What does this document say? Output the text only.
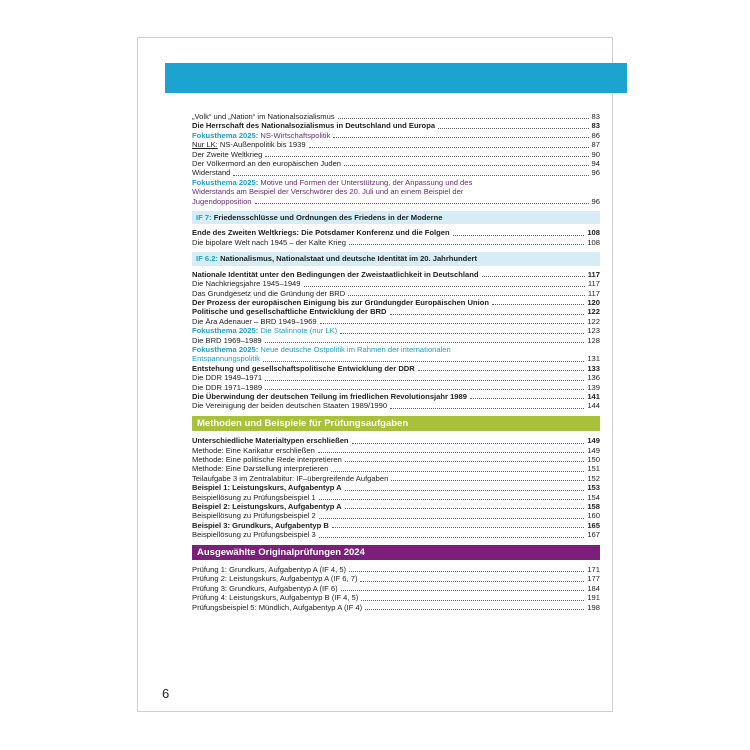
„Volk“ und „Nation“ im Nationalsozialismus	83
Die Herrschaft des Nationalsozialismus in Deutschland und Europa	83
Fokusthema 2025: NS-Wirtschaftspolitik	86
Nur LK: NS-Außenpolitik bis 1939	87
Der Zweite Weltkrieg	90
Der Völkermord an den europäischen Juden	94
Widerstand	96
Fokusthema 2025: Motive und Formen der Unterstützung, der Anpassung und des
Widerstands am Beispiel der Verschwörer des 20. Juli und an einem Beispiel der
Jugendopposition	96
IF 7: Friedensschlüsse und Ordnungen des Friedens in der Moderne
Ende des Zweiten Weltkriegs: Die Potsdamer Konferenz und die Folgen	108
Die bipolare Welt nach 1945 – der Kalte Krieg	108
IF 6.2: Nationalismus, Nationalstaat und deutsche Identität im 20. Jahrhundert
Nationale Identität unter den Bedingungen der Zweistaatlichkeit in Deutschland	117
Die Nachkriegsjahre 1945–1949	117
Das Grundgesetz und die Gründung der BRD	117
Der Prozess der europäischen Einigung bis zur Gründungder Europäischen Union	120
Politische und gesellschaftliche Entwicklung der BRD	122
Die Ära Adenauer – BRD 1949–1969	122
Fokusthema 2025: Die Stalinnote (nur LK)	123
Die BRD 1969–1989	128
Fokusthema 2025: Neue deutsche Ostpolitik im Rahmen der internationalen
Entspannungspolitik	131
Entstehung und gesellschaftspolitische Entwicklung der DDR	133
Die DDR 1949–1971	136
Die DDR 1971–1989	139
Die Überwindung der deutschen Teilung im friedlichen Revolutionsjahr 1989	141
Die Vereinigung der beiden deutschen Staaten 1989/1990	144
Methoden und Beispiele für Prüfungsaufgaben
Unterschiedliche Materialtypen erschließen	149
Methode: Eine Karikatur erschließen	149
Methode: Eine politische Rede interpretieren	150
Methode: Eine Darstellung interpretieren	151
Teilaufgabe 3 im Zentralabitur: IF–übergreifende Aufgaben	152
Beispiel 1: Leistungskurs, Aufgabentyp A	153
Beispiellösung zu Prüfungsbeispiel 1	154
Beispiel 2: Leistungskurs, Aufgabentyp A	158
Beispiellösung zu Prüfungsbeispiel 2	160
Beispiel 3: Grundkurs, Aufgabentyp B	165
Beispiellösung zu Prüfungsbeispiel 3	167
Ausgewählte Originalprüfungen 2024
Prüfung 1: Grundkurs, Aufgabentyp A (IF 4, 5)	171
Prüfung 2: Leistungskurs, Aufgabentyp A (IF 6, 7)	177
Prüfung 3: Grundkurs, Aufgabentyp A (IF 6)	184
Prüfung 4: Leistungskurs, Aufgabentyp B (IF 4, 5)	191
Prüfungsbeispiel 5: Mündlich, Aufgabentyp A (IF 4)	198
6
